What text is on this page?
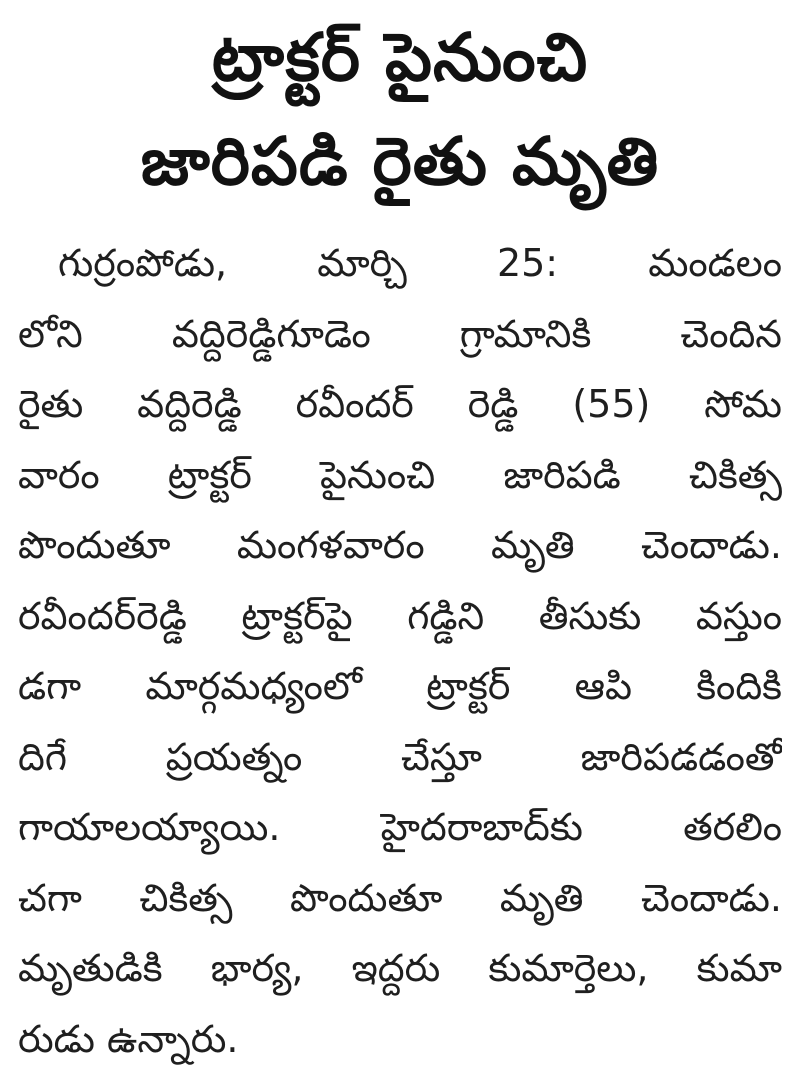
ట్రాక్టర్ పైనుంచి
జారిపడి రైతు మృతి
గుర్రంపోడు, మార్చి 25: మండలం
లోని వద్దిరెడ్డిగూడెం గ్రామానికి చెందిన
రైతు వద్దిరెడ్డి రవీందర్ రెడ్డి (55) సోమ
వారం ట్రాక్టర్ పైనుంచి జారిపడి చికిత్స
పొందుతూ మంగళవారం మృతి చెందాడు.
రవీందర్‌రెడ్డి ట్రాక్టర్‌పై గడ్డిని తీసుకు వస్తుం
డగా మార్గమధ్యంలో ట్రాక్టర్ ఆపి కిందికి
దిగే ప్రయత్నం చేస్తూ జారిపడడంతో
గాయాలయ్యాయి. హైదరాబాద్‌కు తరలిం
చగా చికిత్స పొందుతూ మృతి చెందాడు.
మృతుడికి భార్య, ఇద్దరు కుమార్తెలు, కుమా
రుడు ఉన్నారు.
